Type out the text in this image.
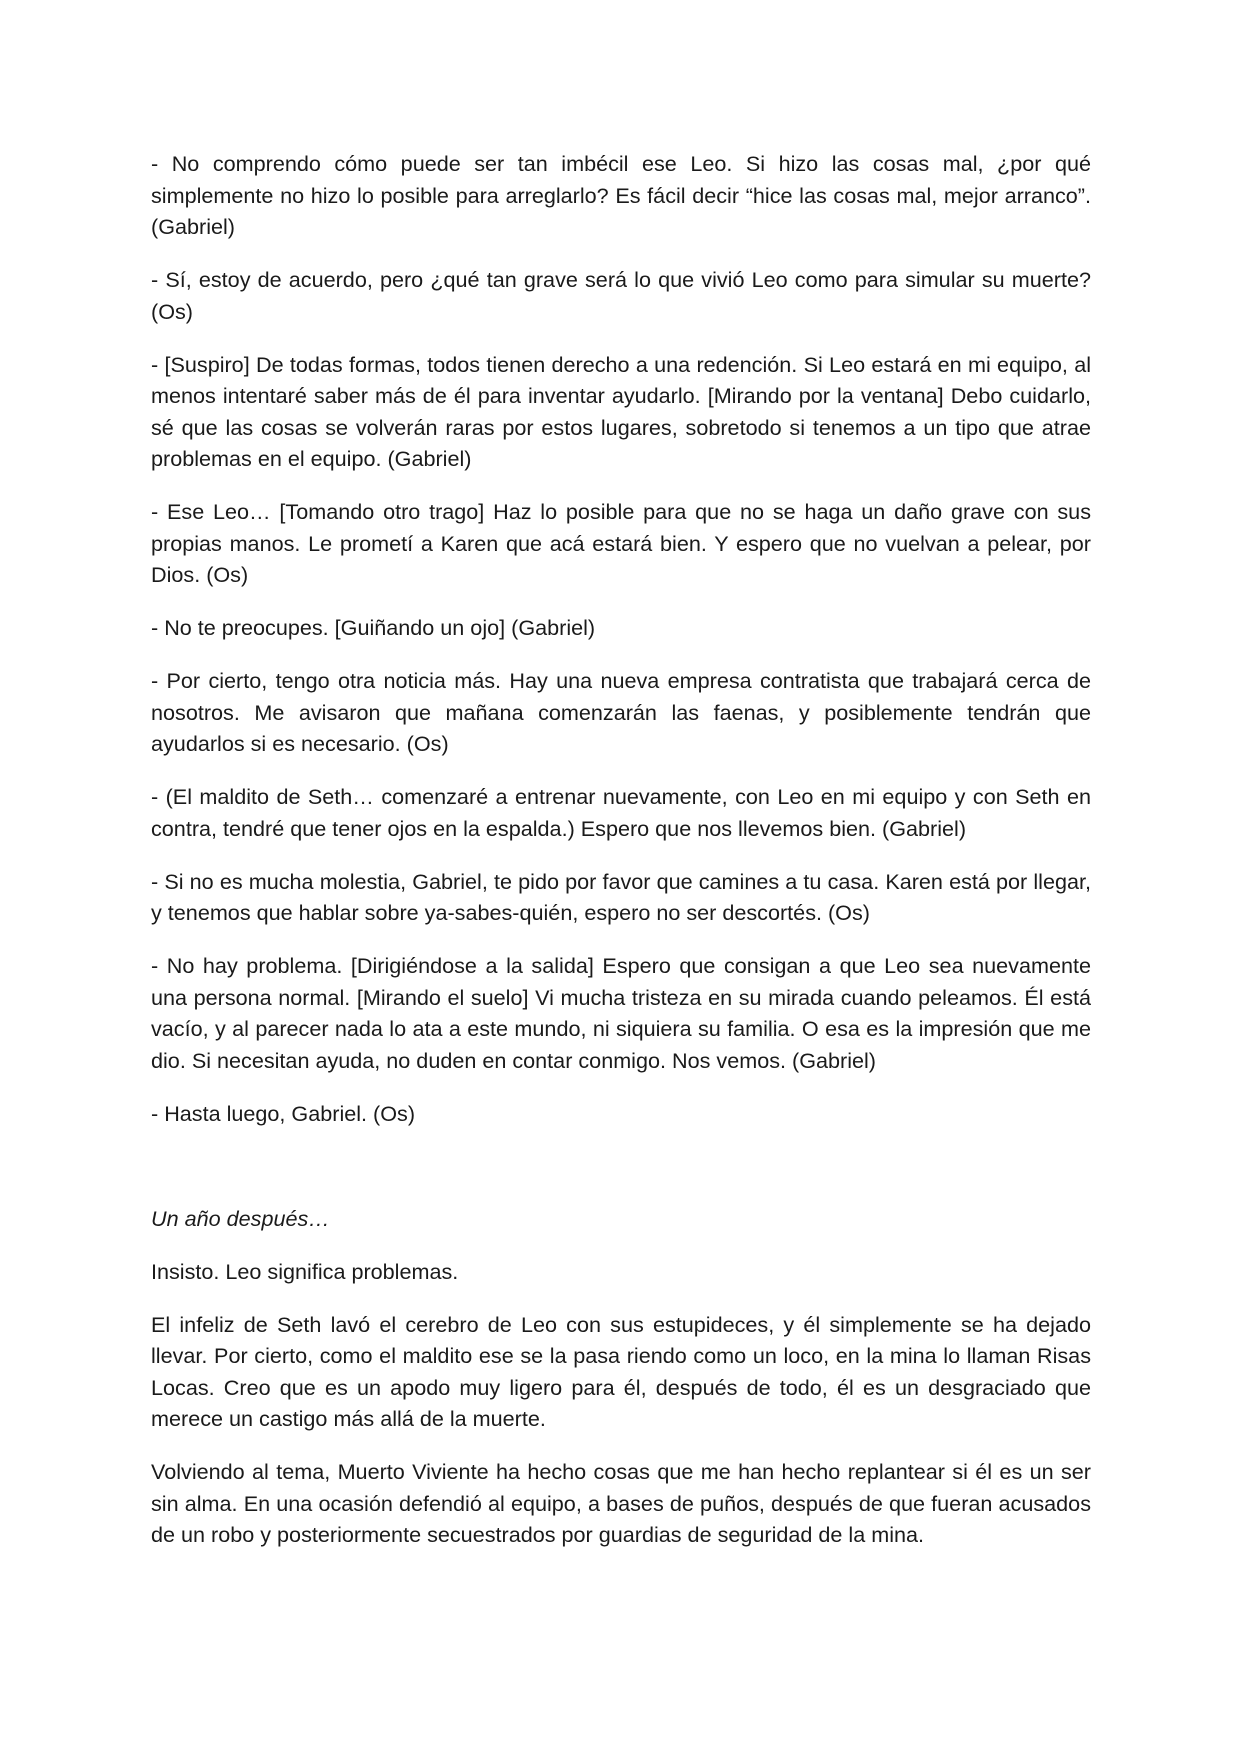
- No comprendo cómo puede ser tan imbécil ese Leo. Si hizo las cosas mal, ¿por qué simplemente no hizo lo posible para arreglarlo? Es fácil decir “hice las cosas mal, mejor arranco”. (Gabriel)

- Sí, estoy de acuerdo, pero ¿qué tan grave será lo que vivió Leo como para simular su muerte? (Os)

- [Suspiro] De todas formas, todos tienen derecho a una redención. Si Leo estará en mi equipo, al menos intentaré saber más de él para inventar ayudarlo. [Mirando por la ventana] Debo cuidarlo, sé que las cosas se volverán raras por estos lugares, sobretodo si tenemos a un tipo que atrae problemas en el equipo. (Gabriel)

- Ese Leo… [Tomando otro trago] Haz lo posible para que no se haga un daño grave con sus propias manos. Le prometí a Karen que acá estará bien. Y espero que no vuelvan a pelear, por Dios. (Os)

- No te preocupes. [Guiñando un ojo] (Gabriel)

- Por cierto, tengo otra noticia más. Hay una nueva empresa contratista que trabajará cerca de nosotros. Me avisaron que mañana comenzarán las faenas, y posiblemente tendrán que ayudarlos si es necesario. (Os)

- (El maldito de Seth… comenzaré a entrenar nuevamente, con Leo en mi equipo y con Seth en contra, tendré que tener ojos en la espalda.) Espero que nos llevemos bien. (Gabriel)

- Si no es mucha molestia, Gabriel, te pido por favor que camines a tu casa. Karen está por llegar, y tenemos que hablar sobre ya-sabes-quién, espero no ser descortés. (Os)

- No hay problema. [Dirigiéndose a la salida] Espero que consigan a que Leo sea nuevamente una persona normal. [Mirando el suelo] Vi mucha tristeza en su mirada cuando peleamos. Él está vacío, y al parecer nada lo ata a este mundo, ni siquiera su familia. O esa es la impresión que me dio. Si necesitan ayuda, no duden en contar conmigo. Nos vemos. (Gabriel)

- Hasta luego, Gabriel. (Os)

Un año después…

Insisto. Leo significa problemas.

El infeliz de Seth lavó el cerebro de Leo con sus estupideces, y él simplemente se ha dejado llevar. Por cierto, como el maldito ese se la pasa riendo como un loco, en la mina lo llaman Risas Locas. Creo que es un apodo muy ligero para él, después de todo, él es un desgraciado que merece un castigo más allá de la muerte.

Volviendo al tema, Muerto Viviente ha hecho cosas que me han hecho replantear si él es un ser sin alma. En una ocasión defendió al equipo, a bases de puños, después de que fueran acusados de un robo y posteriormente secuestrados por guardias de seguridad de la mina.
